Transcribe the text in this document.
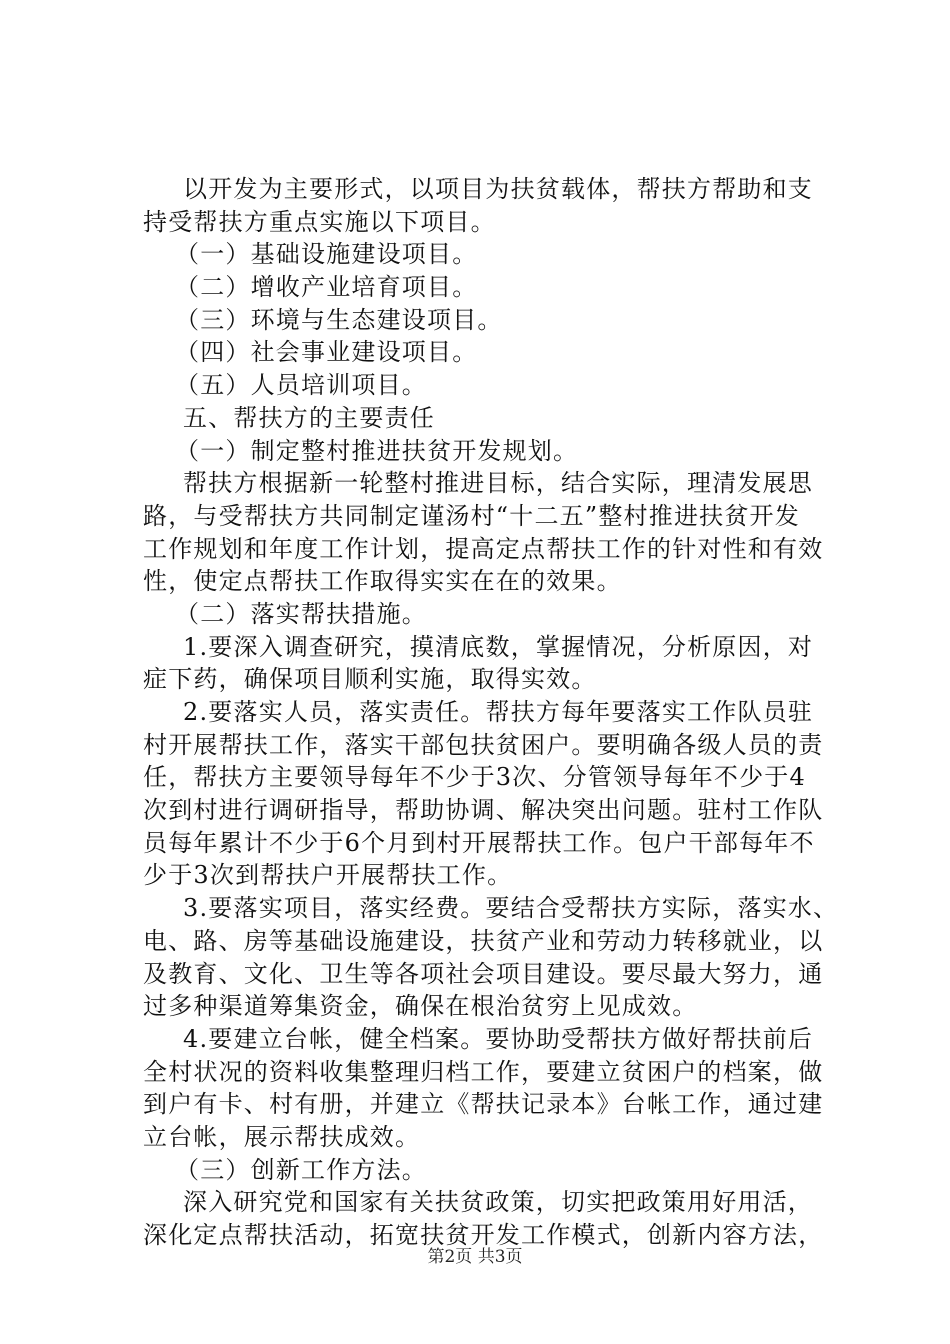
以开发为主要形式，以项目为扶贫载体，帮扶方帮助和支
持受帮扶方重点实施以下项目。
（一）基础设施建设项目。
（二）增收产业培育项目。
（三）环境与生态建设项目。
（四）社会事业建设项目。
（五）人员培训项目。
五、帮扶方的主要责任
（一）制定整村推进扶贫开发规划。
帮扶方根据新一轮整村推进目标，结合实际，理清发展思
路，与受帮扶方共同制定谨汤村“十二五”整村推进扶贫开发
工作规划和年度工作计划，提高定点帮扶工作的针对性和有效
性，使定点帮扶工作取得实实在在的效果。
（二）落实帮扶措施。
1.要深入调查研究，摸清底数，掌握情况，分析原因，对
症下药，确保项目顺利实施，取得实效。
2.要落实人员，落实责任。帮扶方每年要落实工作队员驻
村开展帮扶工作，落实干部包扶贫困户。要明确各级人员的责
任，帮扶方主要领导每年不少于3次、分管领导每年不少于4
次到村进行调研指导，帮助协调、解决突出问题。驻村工作队
员每年累计不少于6个月到村开展帮扶工作。包户干部每年不
少于3次到帮扶户开展帮扶工作。
3.要落实项目，落实经费。要结合受帮扶方实际，落实水、
电、路、房等基础设施建设，扶贫产业和劳动力转移就业，以
及教育、文化、卫生等各项社会项目建设。要尽最大努力，通
过多种渠道筹集资金，确保在根治贫穷上见成效。
4.要建立台帐，健全档案。要协助受帮扶方做好帮扶前后
全村状况的资料收集整理归档工作，要建立贫困户的档案，做
到户有卡、村有册，并建立《帮扶记录本》台帐工作，通过建
立台帐，展示帮扶成效。
（三）创新工作方法。
深入研究党和国家有关扶贫政策，切实把政策用好用活，
深化定点帮扶活动，拓宽扶贫开发工作模式，创新内容方法，
第2页 共3页
